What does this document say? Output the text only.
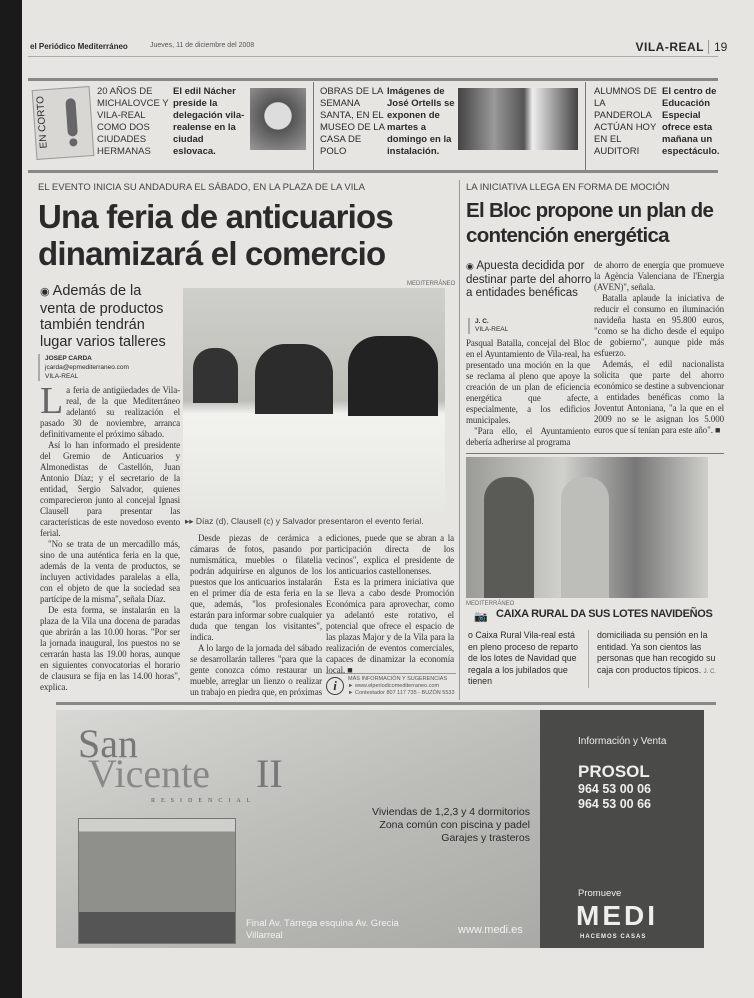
el Periódico Mediterráneo	Jueves, 11 de diciembre del 2008	VILA-REAL 19
EN CORTO
20 AÑOS DE MICHALOVCE Y VILA-REAL COMO DOS CIUDADES HERMANAS
El edil Nácher preside la delegación vila-realense en la ciudad eslovaca.
OBRAS DE LA SEMANA SANTA, EN EL MUSEO DE LA CASA DE POLO
Imágenes de José Ortells se exponen de martes a domingo en la instalación.
ALUMNOS DE LA PANDEROLA ACTÚAN HOY EN EL AUDITORI
El centro de Educación Especial ofrece esta mañana un espectáculo.
EL EVENTO INICIA SU ANDADURA EL SÁBADO, EN LA PLAZA DE LA VILA
Una feria de anticuarios dinamizará el comercio
◉ Además de la venta de productos también tendrán lugar varios talleres
JOSEP CARDA
jcarda@epmediterraneo.com
VILA-REAL
MEDITERRÁNEO
▸▸ Díaz (d), Clausell (c) y Salvador presentaron el evento ferial.

La feria de antigüedades de Vila-real, de la que Mediterráneo adelantó su realización el pasado 30 de noviembre, arranca definitivamente el próximo sábado.

Así lo han informado el presidente del Gremio de Anticuarios y Almonedistas de Castellón, Juan Antonio Díaz; y el secretario de la entidad, Sergio Salvador, quienes comparecieron junto al concejal Ignasi Clausell para presentar las características de este novedoso evento ferial.

"No se trata de un mercadillo más, sino de una auténtica feria en la que, además de la venta de productos, se incluyen actividades paralelas a ella, con el objeto de que la sociedad sea partícipe de la misma", señala Díaz.

De esta forma, se instalarán en la plaza de la Vila una docena de paradas que abrirán a las 10.00 horas. "Por ser la jornada inaugural, los puestos no se cerrarán hasta las 19.00 horas, aunque en siguientes convocatorias el horario de clausura se fija en las 14.00 horas", explica.

Desde piezas de cerámica a cámaras de fotos, pasando por numismática, muebles o filatelia podrán adquirirse en algunos de los puestos que los anticuarios instalarán en el primer día de esta feria en la que, además, "los profesionales estarán para informar sobre cualquier duda que tengan los visitantes", indica.

A lo largo de la jornada del sábado se desarrollarán talleres "para que la gente conozca cómo restaurar un mueble, arreglar un lienzo o realizar un trabajo en piedra que, en próximas

ediciones, puede que se abran a la participación directa de los vecinos", explica el presidente de los anticuarios castellonenses.

Esta es la primera iniciativa que se lleva a cabo desde Promoción Económica para aprovechar, como ya adelantó este rotativo, el potencial que ofrece el espacio de las plazas Major y de la Vila para la realización de eventos comerciales, capaces de dinamizar la economía local. ■

i	MÁS INFORMACIÓN Y SUGERENCIAS
► www.elperiodicomediterraneo.com
► Contestador 807 117 735 - BUZÓN 5533
LA INICIATIVA LLEGA EN FORMA DE MOCIÓN
El Bloc propone un plan de contención energética
◉ Apuesta decidida por destinar parte del ahorro a entidades benéficas
J. C.
VILA-REAL

Pasqual Batalla, concejal del Bloc en el Ayuntamiento de Vila-real, ha presentado una moción en la que se reclama al pleno que apoye la creación de un plan de eficiencia energética que afecte, especialmente, a los edificios municipales.

"Para ello, el Ayuntamiento debería adherirse al programa

de ahorro de energía que promueve la Agència Valenciana de l'Energia (AVEN)", señala.

Batalla aplaude la iniciativa de reducir el consumo en iluminación navideña hasta en 95.800 euros, "como se ha dicho desde el equipo de gobierno", aunque pide más esfuerzo.

Además, el edil nacionalista solicita que parte del ahorro económico se destine a subvencionar a entidades benéficas como la Joventut Antoniana, "a la que en el 2009 no se le asignan los 5.000 euros que sí tenían para este año". ■

MEDITERRÁNEO
📷 CAIXA RURAL DA SUS LOTES NAVIDEÑOS
o Caixa Rural Vila-real está en pleno proceso de reparto de los lotes de Navidad que regala a los jubilados que tienen
domiciliada su pensión en la entidad. Ya son cientos las personas que han recogido su caja con productos típicos. J. C.
San
Vicente II
RESIDENCIAL
Viviendas de 1,2,3 y 4 dormitorios
Zona común con piscina y padel
Garajes y trasteros
Final Av. Tárrega esquina Av. Grecia
Villarreal	www.medi.es
Información y Venta
PROSOL
964 53 00 06
964 53 00 66
Promueve
MEDI
HACEMOS CASAS
